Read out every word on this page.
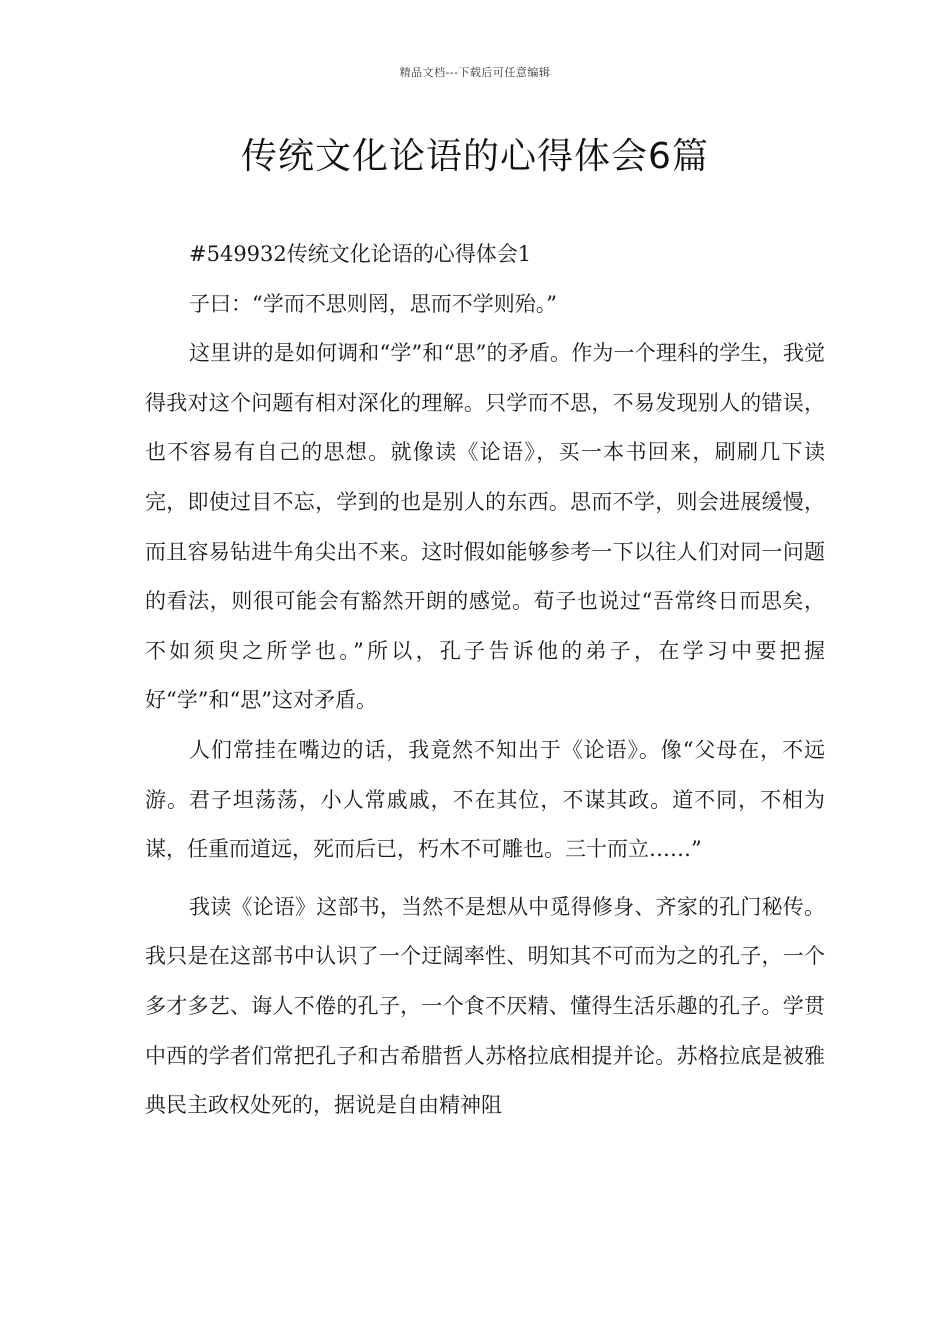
精品文档---下载后可任意编辑
传统文化论语的心得体会6篇

#549932传统文化论语的心得体会1

子曰：“学而不思则罔，思而不学则殆。”

这里讲的是如何调和“学”和“思”的矛盾。作为一个理科的学生，我觉得我对这个问题有相对深化的理解。只学而不思，不易发现别人的错误，也不容易有自己的思想。就像读《论语》，买一本书回来，刷刷几下读完，即使过目不忘，学到的也是别人的东西。思而不学，则会进展缓慢，而且容易钻进牛角尖出不来。这时假如能够参考一下以往人们对同一问题的看法，则很可能会有豁然开朗的感觉。荀子也说过“吾常终日而思矣，不如须臾之所学也。”所以，孔子告诉他的弟子，在学习中要把握好“学”和“思”这对矛盾。

人们常挂在嘴边的话，我竟然不知出于《论语》。像“父母在，不远游。君子坦荡荡，小人常戚戚，不在其位，不谋其政。道不同，不相为谋，任重而道远，死而后已，朽木不可雕也。三十而立……”

我读《论语》这部书，当然不是想从中觅得修身、齐家的孔门秘传。我只是在这部书中认识了一个迂阔率性、明知其不可而为之的孔子，一个多才多艺、诲人不倦的孔子，一个食不厌精、懂得生活乐趣的孔子。学贯中西的学者们常把孔子和古希腊哲人苏格拉底相提并论。苏格拉底是被雅典民主政权处死的，据说是自由精神阻
